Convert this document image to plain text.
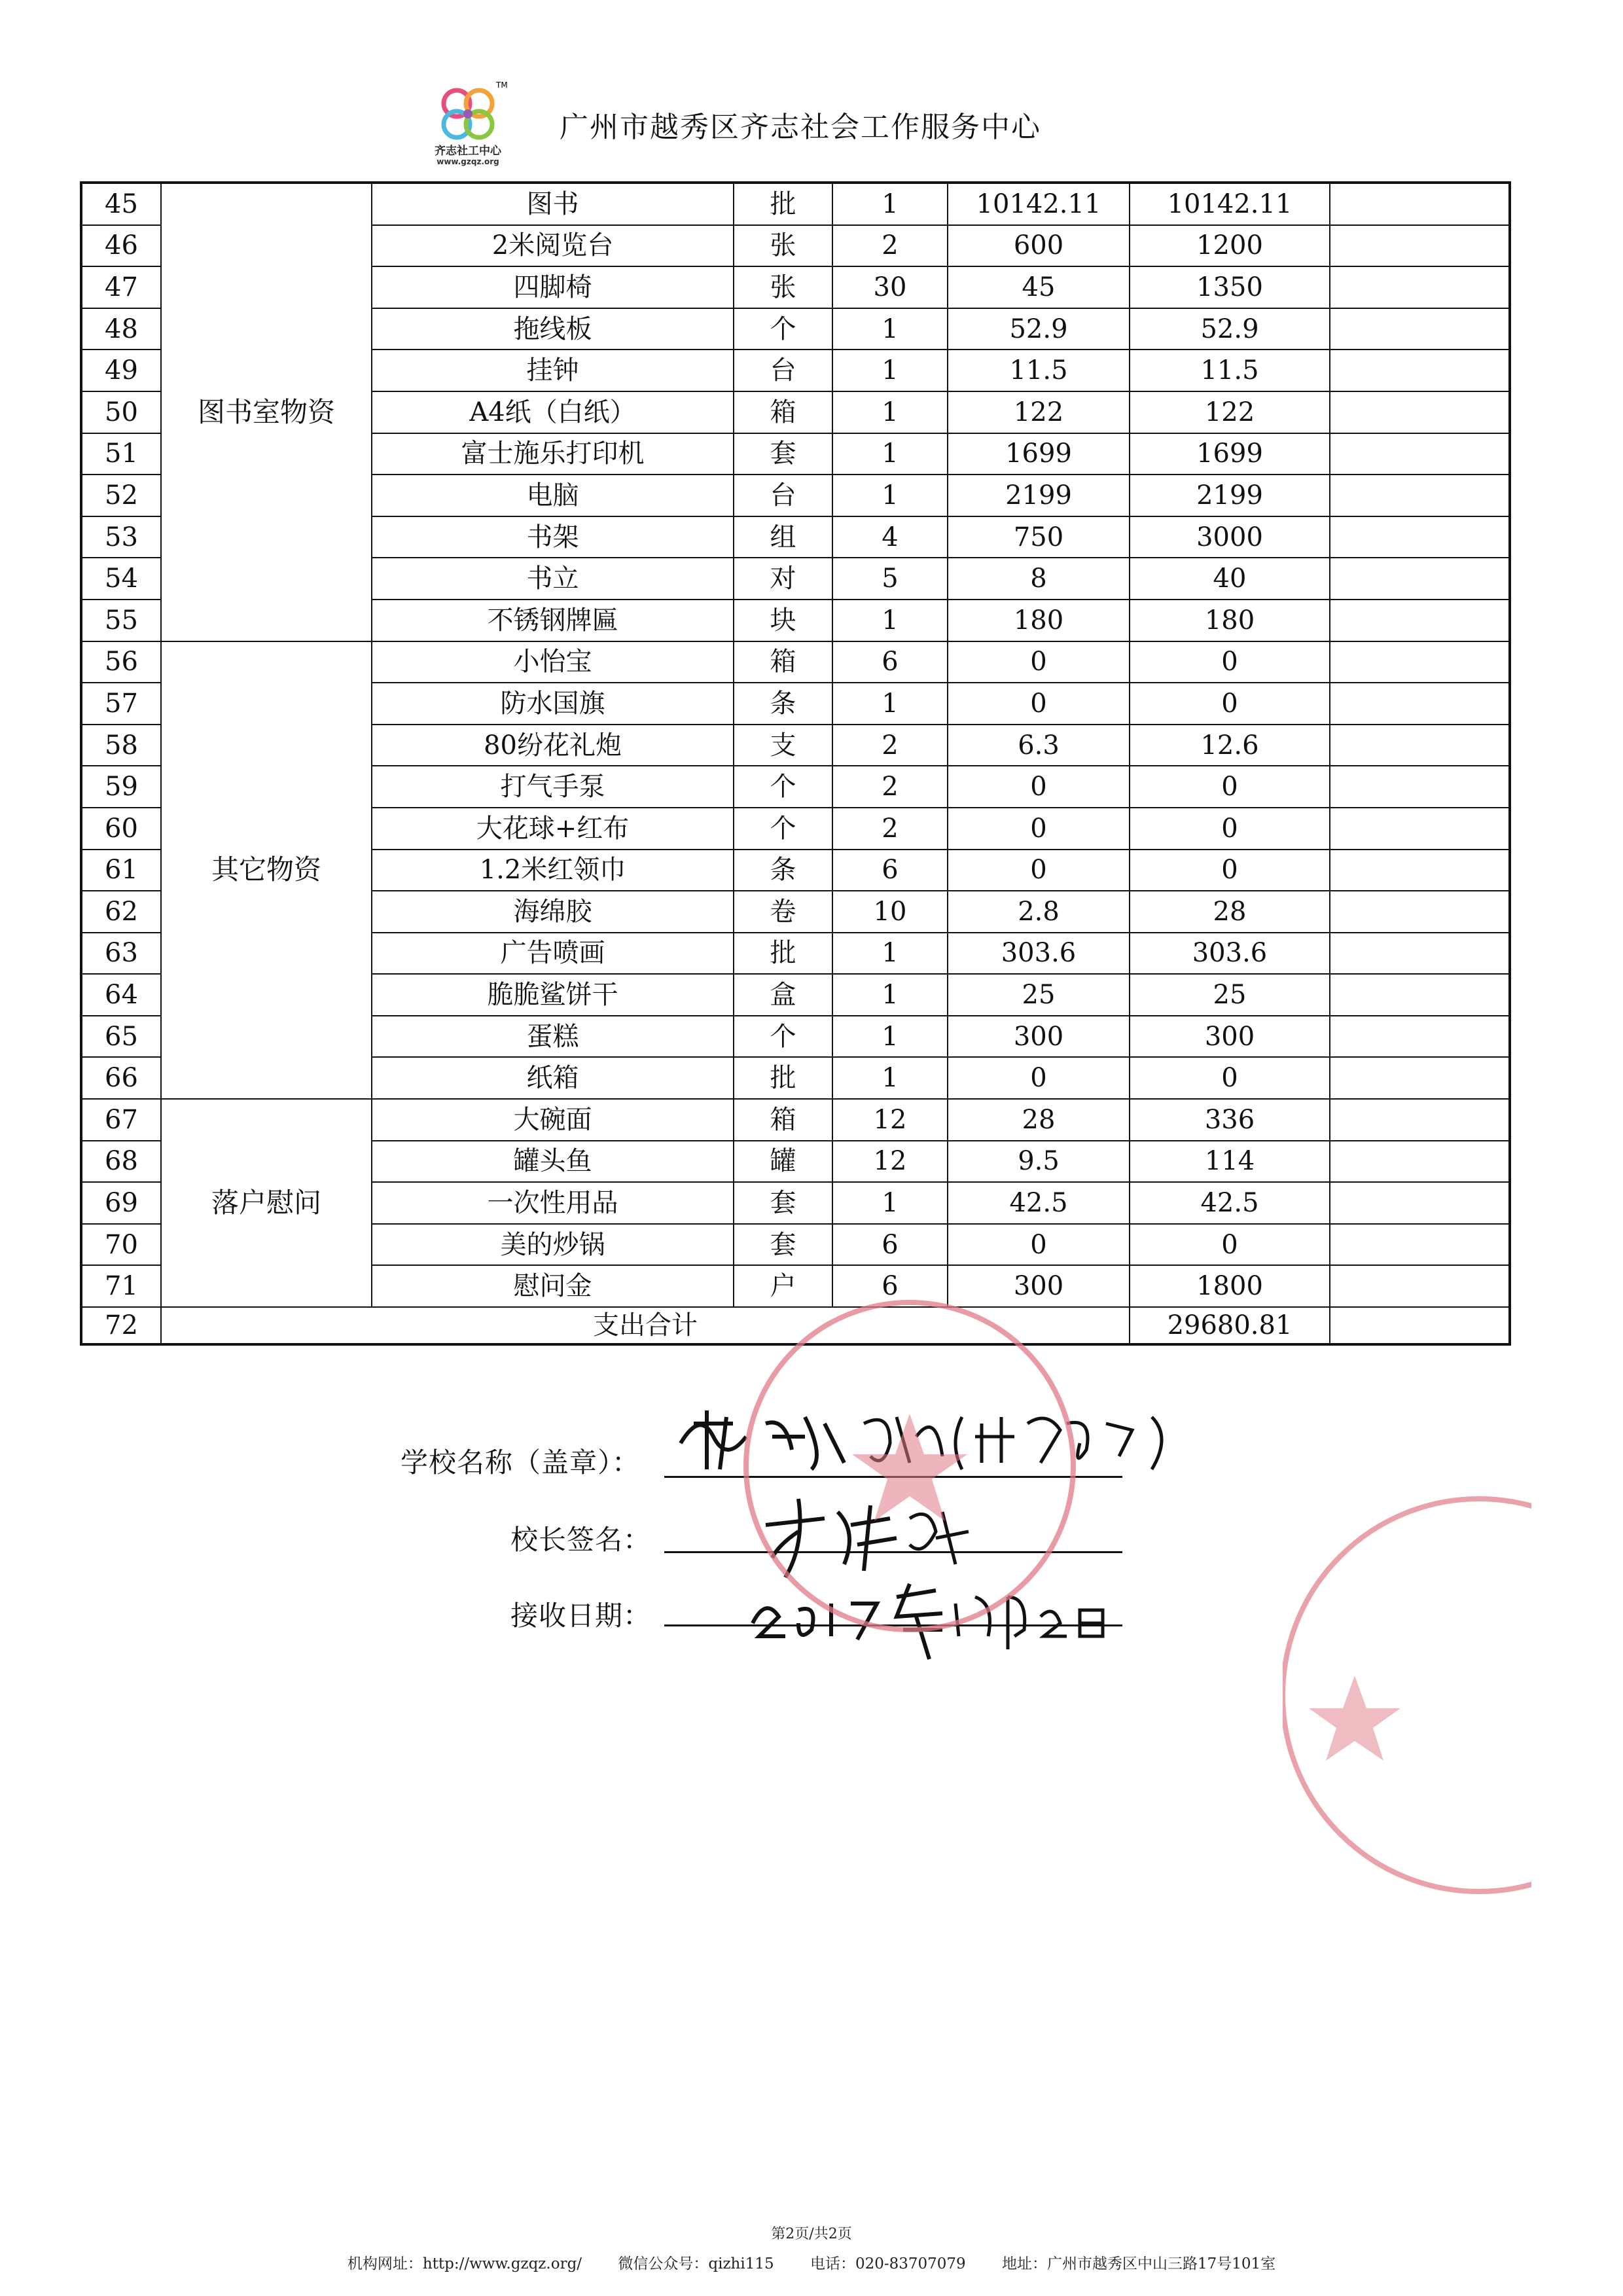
TM
齐志社工中心
www.gzqz.org
广州市越秀区齐志社会工作服务中心
45	图书室物资	图书	批	1	10142.11	10142.11	
46		2米阅览台	张	2	600	1200	
47		四脚椅	张	30	45	1350	
48		拖线板	个	1	52.9	52.9	
49		挂钟	台	1	11.5	11.5	
50		A4纸（白纸）	箱	1	122	122	
51		富士施乐打印机	套	1	1699	1699	
52		电脑	台	1	2199	2199	
53		书架	组	4	750	3000	
54		书立	对	5	8	40	
55		不锈钢牌匾	块	1	180	180	
56	其它物资	小怡宝	箱	6	0	0	
57		防水国旗	条	1	0	0	
58		80纷花礼炮	支	2	6.3	12.6	
59		打气手泵	个	2	0	0	
60		大花球+红布	个	2	0	0	
61		1.2米红领巾	条	6	0	0	
62		海绵胶	卷	10	2.8	28	
63		广告喷画	批	1	303.6	303.6	
64		脆脆鲨饼干	盒	1	25	25	
65		蛋糕	个	1	300	300	
66		纸箱	批	1	0	0	
67	落户慰问	大碗面	箱	12	28	336	
68		罐头鱼	罐	12	9.5	114	
69		一次性用品	套	1	42.5	42.5	
70		美的炒锅	套	6	0	0	
71		慰问金	户	6	300	1800	
72	支出合计					29680.81	
学校名称（盖章）：
校长签名：
接收日期：
第2页/共2页
机构网址：http://www.gzqz.org/ 微信公众号：qizhi115 电话：020-83707079 地址：广州市越秀区中山三路17号101室
